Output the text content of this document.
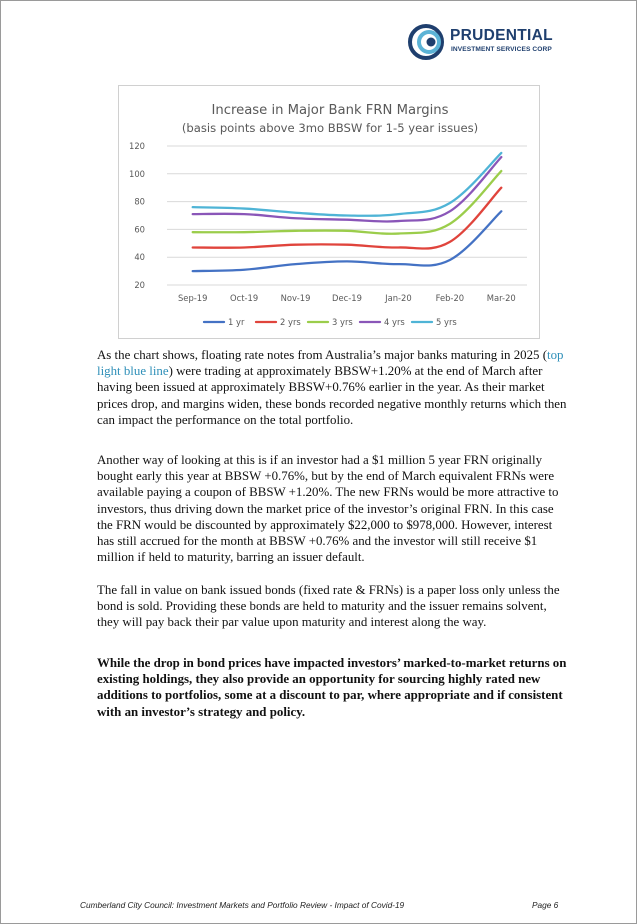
PRUDENTIAL
INVESTMENT SERVICES CORP
Increase in Major Bank FRN Margins
(basis points above 3mo BBSW for 1-5 year issues)
20
40
60
80
100
120
Sep-19	Oct-19	Nov-19	Dec-19	Jan-20	Feb-20	Mar-20
1 yr	2 yrs	3 yrs	4 yrs	5 yrs
As the chart shows, floating rate notes from Australia’s major banks maturing in 2025 (top light blue line) were trading at approximately BBSW+1.20% at the end of March after having been issued at approximately BBSW+0.76% earlier in the year. As their market prices drop, and margins widen, these bonds recorded negative monthly returns which then can impact the performance on the total portfolio.
Another way of looking at this is if an investor had a $1 million 5 year FRN originally bought early this year at BBSW +0.76%, but by the end of March equivalent FRNs were available paying a coupon of BBSW +1.20%. The new FRNs would be more attractive to investors, thus driving down the market price of the investor’s original FRN. In this case the FRN would be discounted by approximately $22,000 to $978,000. However, interest has still accrued for the month at BBSW +0.76% and the investor will still receive $1 million if held to maturity, barring an issuer default.
The fall in value on bank issued bonds (fixed rate & FRNs) is a paper loss only unless the bond is sold. Providing these bonds are held to maturity and the issuer remains solvent, they will pay back their par value upon maturity and interest along the way.
While the drop in bond prices have impacted investors’ marked-to-market returns on existing holdings, they also provide an opportunity for sourcing highly rated new additions to portfolios, some at a discount to par, where appropriate and if consistent with an investor’s strategy and policy.
Cumberland City Council: Investment Markets and Portfolio Review - Impact of Covid-19	Page 6
